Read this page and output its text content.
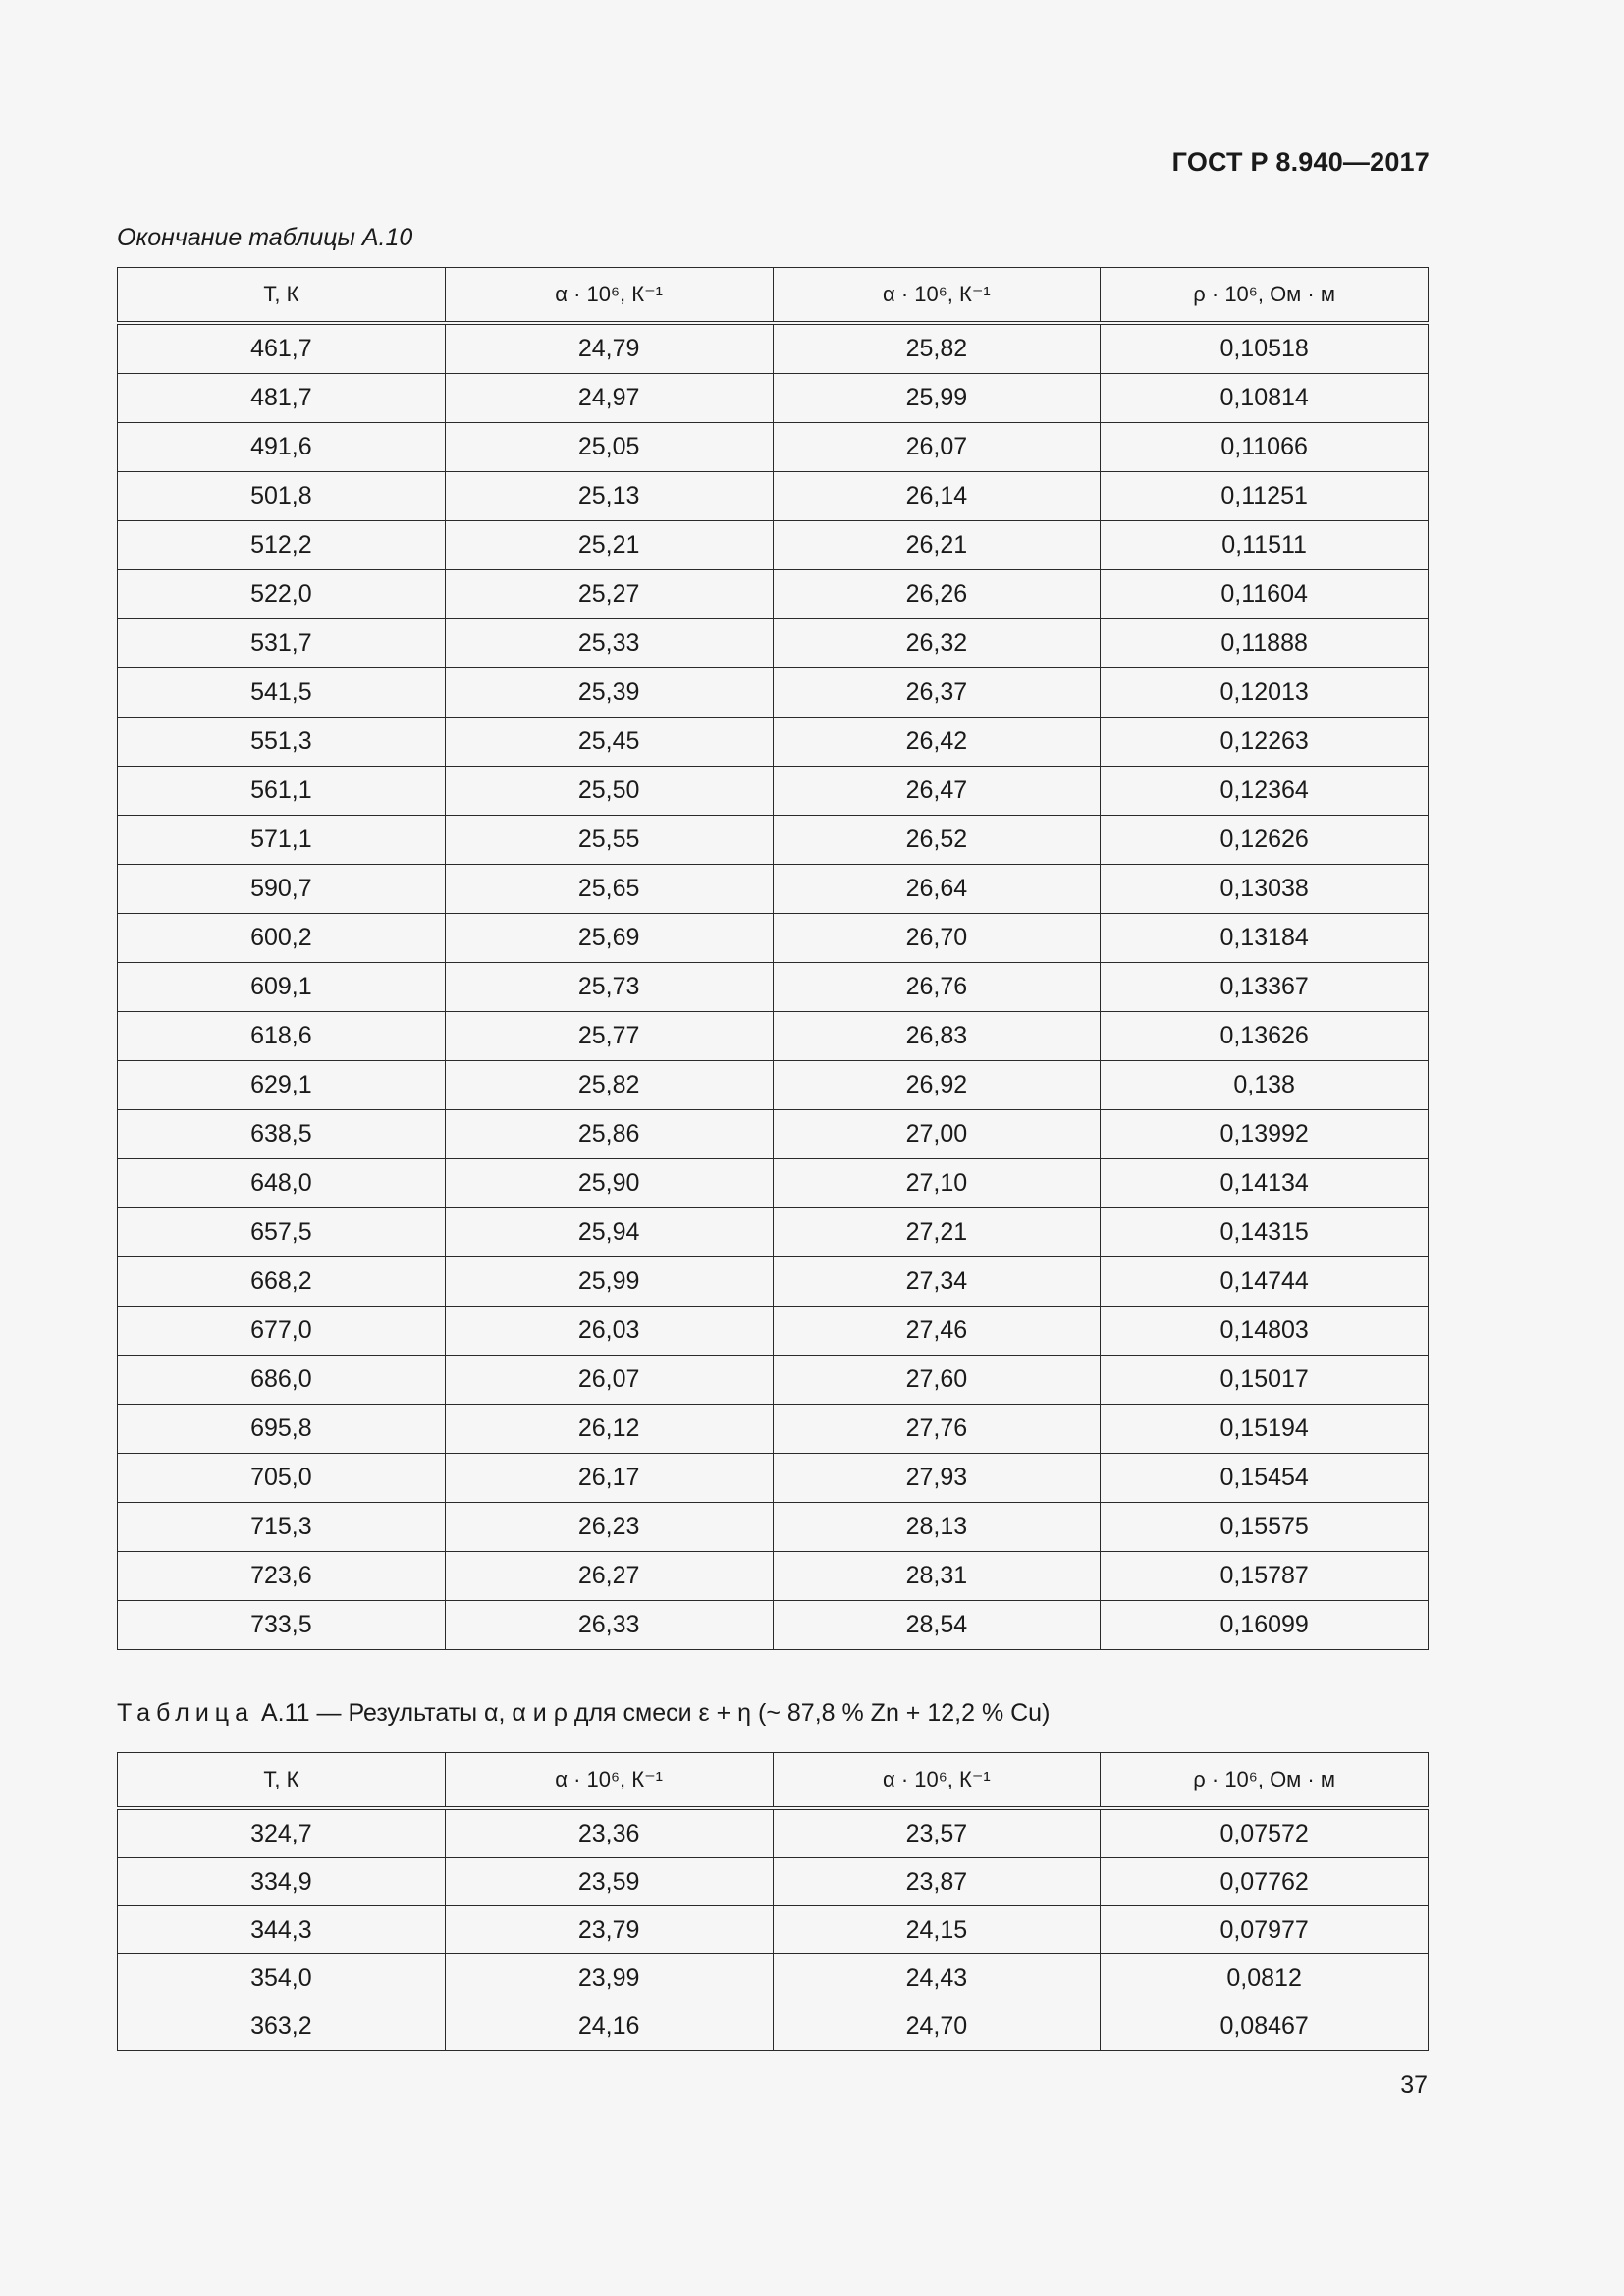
ГОСТ Р 8.940—2017
Окончание таблицы А.10
T, К	α · 10⁶, К⁻¹	α · 10⁶, К⁻¹	ρ · 10⁶, Ом · м
461,7	24,79	25,82	0,10518
481,7	24,97	25,99	0,10814
491,6	25,05	26,07	0,11066
501,8	25,13	26,14	0,11251
512,2	25,21	26,21	0,11511
522,0	25,27	26,26	0,11604
531,7	25,33	26,32	0,11888
541,5	25,39	26,37	0,12013
551,3	25,45	26,42	0,12263
561,1	25,50	26,47	0,12364
571,1	25,55	26,52	0,12626
590,7	25,65	26,64	0,13038
600,2	25,69	26,70	0,13184
609,1	25,73	26,76	0,13367
618,6	25,77	26,83	0,13626
629,1	25,82	26,92	0,138
638,5	25,86	27,00	0,13992
648,0	25,90	27,10	0,14134
657,5	25,94	27,21	0,14315
668,2	25,99	27,34	0,14744
677,0	26,03	27,46	0,14803
686,0	26,07	27,60	0,15017
695,8	26,12	27,76	0,15194
705,0	26,17	27,93	0,15454
715,3	26,23	28,13	0,15575
723,6	26,27	28,31	0,15787
733,5	26,33	28,54	0,16099
Таблица А.11 — Результаты α, α и ρ для смеси ε + η (~ 87,8 % Zn + 12,2 % Cu)
T, К	α · 10⁶, К⁻¹	α · 10⁶, К⁻¹	ρ · 10⁶, Ом · м
324,7	23,36	23,57	0,07572
334,9	23,59	23,87	0,07762
344,3	23,79	24,15	0,07977
354,0	23,99	24,43	0,0812
363,2	24,16	24,70	0,08467
37
